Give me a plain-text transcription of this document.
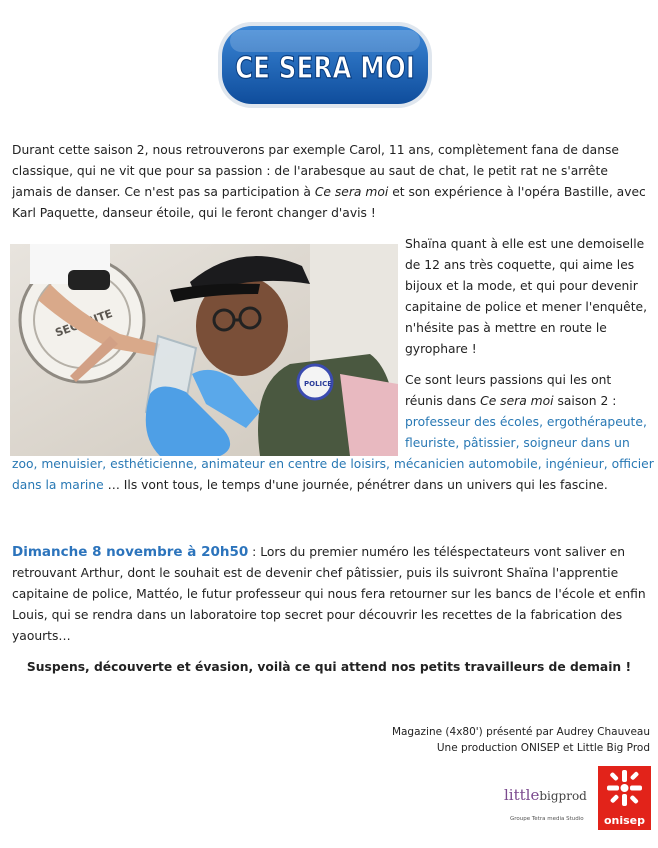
CE SERA MOI

Durant cette saison 2, nous retrouverons par exemple Carol, 11 ans, complètement fana de danse classique, qui ne vit que pour sa passion : de l'arabesque au saut de chat, le petit rat ne s'arrête jamais de danser. Ce n'est pas sa participation à Ce sera moi et son expérience à l'opéra Bastille, avec Karl Paquette, danseur étoile, qui le feront changer d'avis !

POLICE

Shaïna quant à elle est une demoiselle de 12 ans très coquette, qui aime les bijoux et la mode, et qui pour devenir capitaine de police et mener l'enquête, n'hésite pas à mettre en route le gyrophare !

Ce sont leurs passions qui les ont réunis dans Ce sera moi saison 2 : professeur des écoles, ergothérapeute, fleuriste, pâtissier, soigneur dans un

zoo, menuisier, esthéticienne, animateur en centre de loisirs, mécanicien automobile, ingénieur, officier dans la marine … Ils vont tous, le temps d'une journée, pénétrer dans un univers qui les fascine.

Dimanche 8 novembre à 20h50 : Lors du premier numéro les téléspectateurs vont saliver en retrouvant Arthur, dont le souhait est de devenir chef pâtissier, puis ils suivront Shaïna l'apprentie capitaine de police, Mattéo, le futur professeur qui nous fera retourner sur les bancs de l'école et enfin Louis, qui se rendra dans un laboratoire top secret pour découvrir les recettes de la fabrication des yaourts…

Suspens, découverte et évasion, voilà ce qui attend nos petits travailleurs de demain !

Magazine (4x80') présenté par Audrey Chauveau
Une production ONISEP et Little Big Prod
littlebigprod
Groupe Tetra media Studio onisep
